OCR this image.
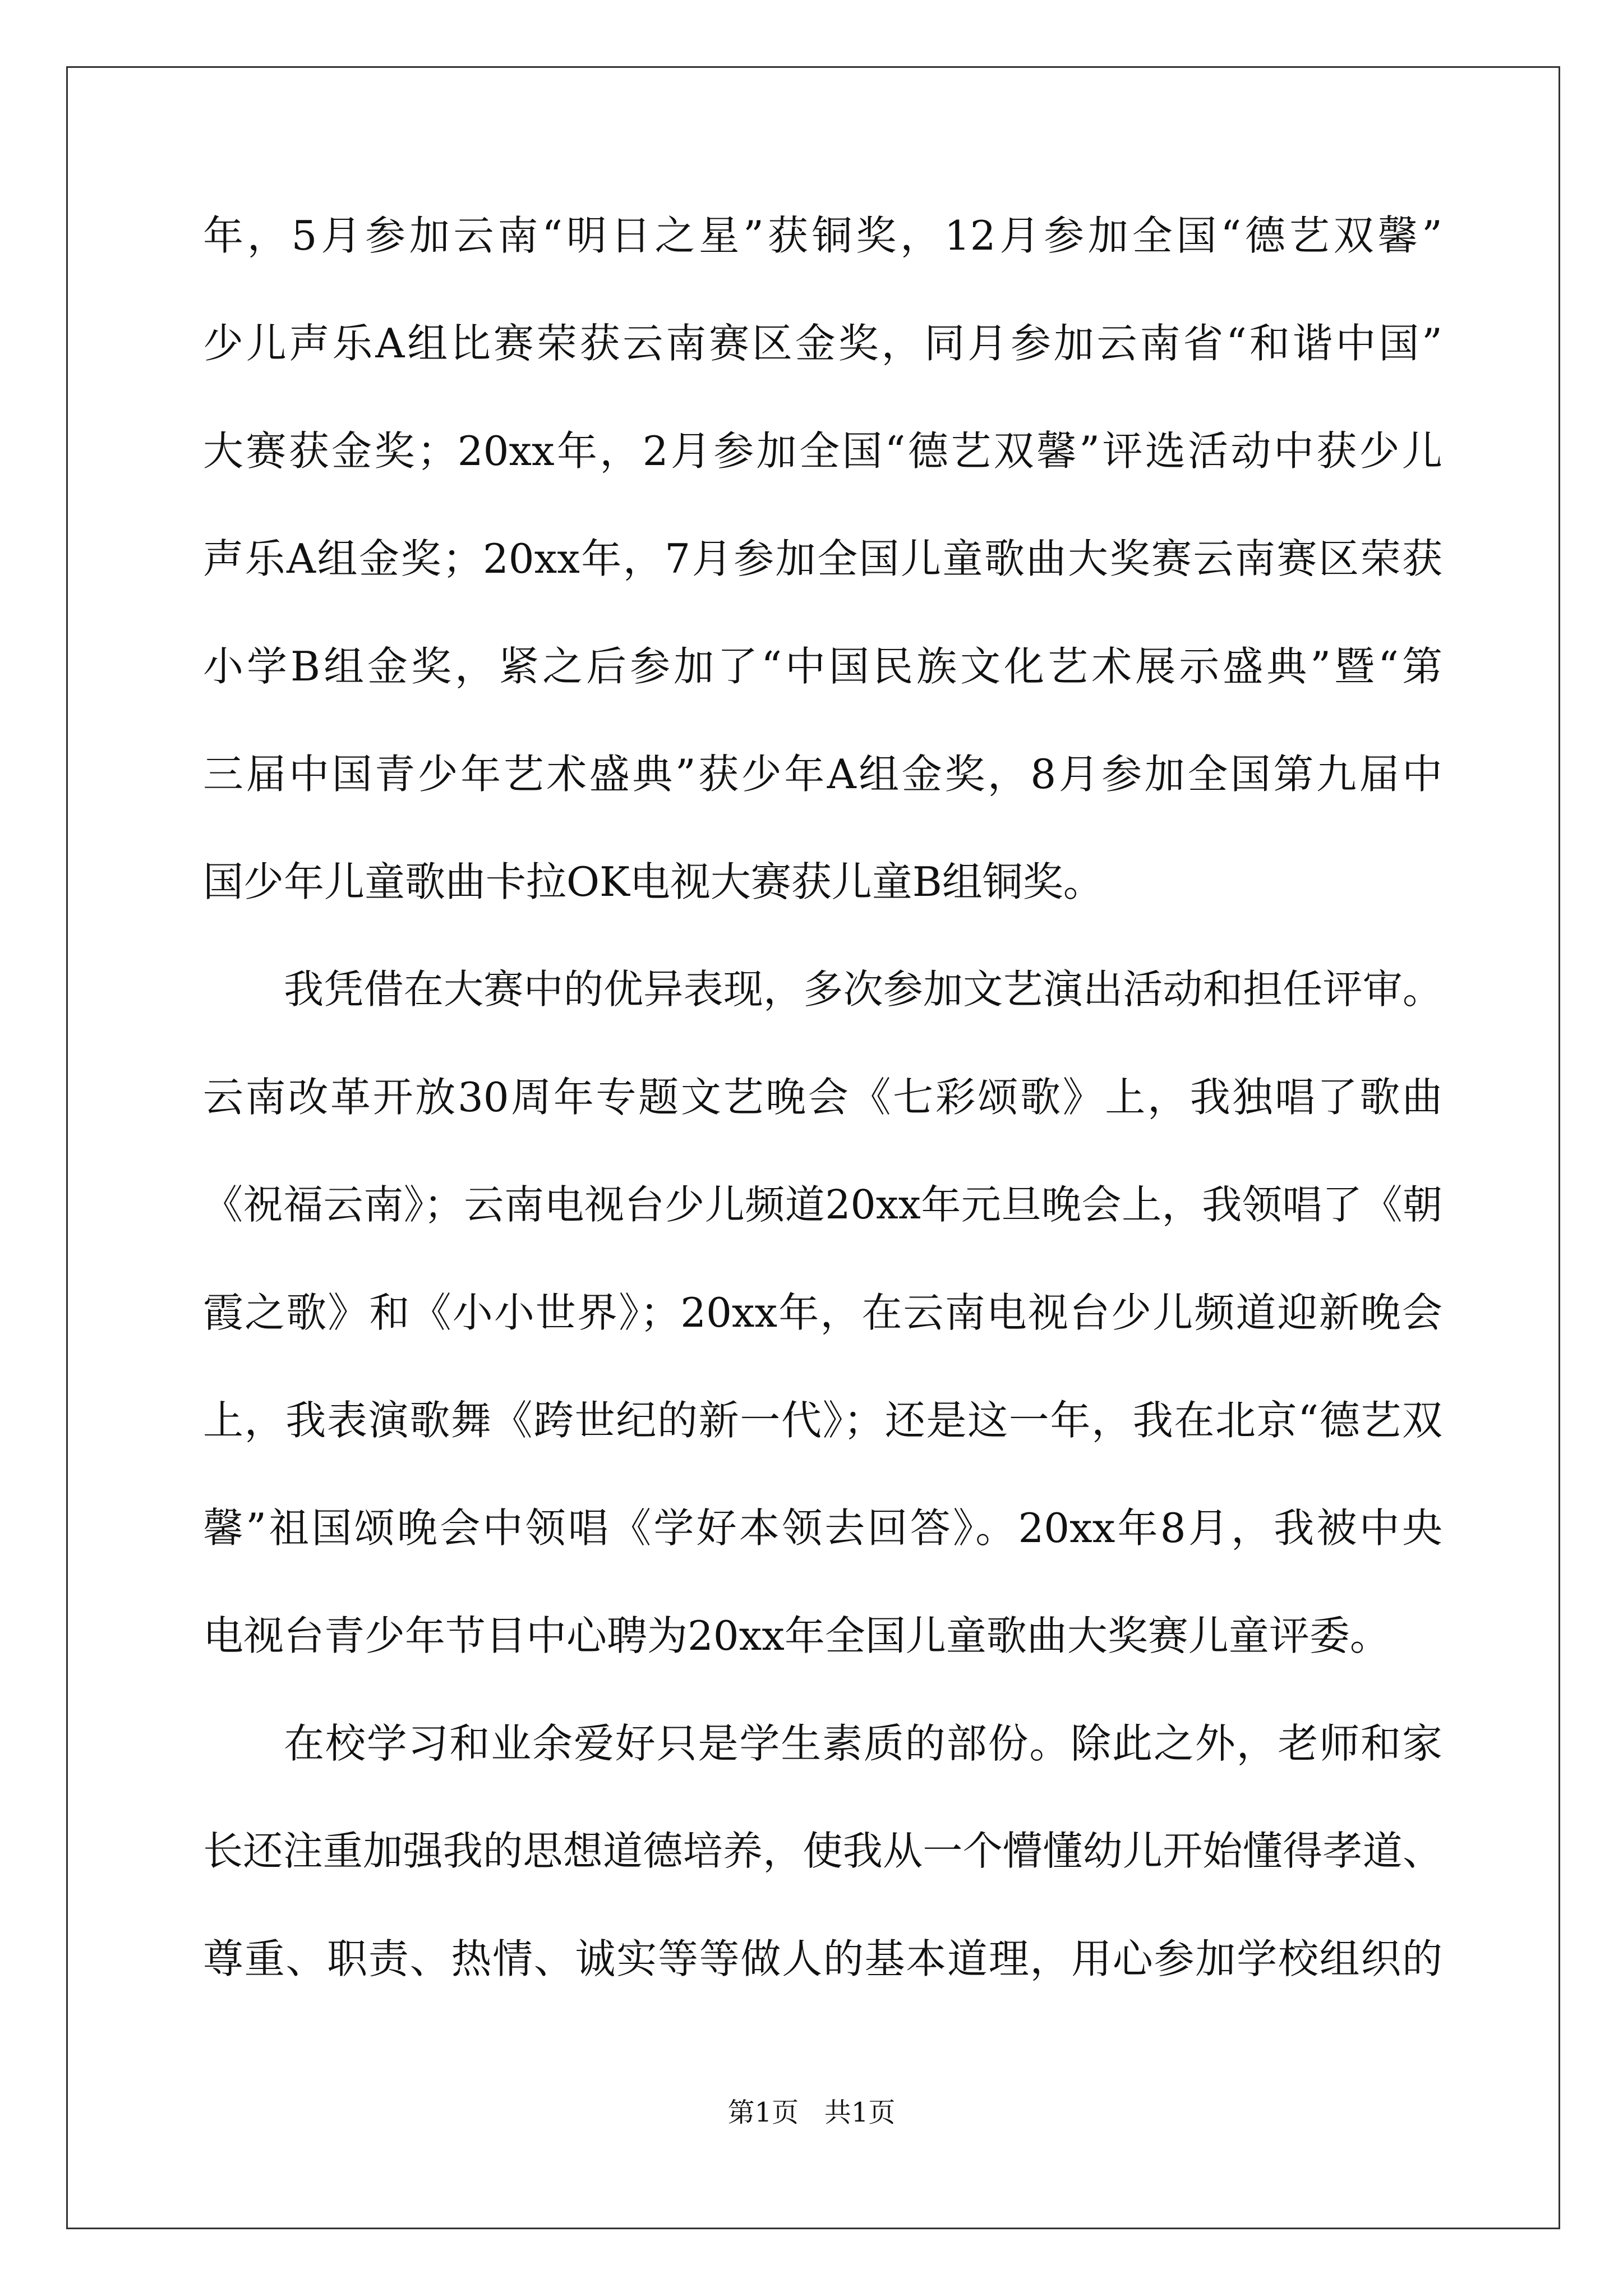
年，5月参加云南“明日之星”获铜奖，12月参加全国“德艺双馨”
少儿声乐A组比赛荣获云南赛区金奖，同月参加云南省“和谐中国”
大赛获金奖；20xx年，2月参加全国“德艺双馨”评选活动中获少儿
声乐A组金奖；20xx年，7月参加全国儿童歌曲大奖赛云南赛区荣获
小学B组金奖，紧之后参加了“中国民族文化艺术展示盛典”暨“第
三届中国青少年艺术盛典”获少年A组金奖，8月参加全国第九届中
国少年儿童歌曲卡拉OK电视大赛获儿童B组铜奖。
我凭借在大赛中的优异表现，多次参加文艺演出活动和担任评审。
云南改革开放30周年专题文艺晚会《七彩颂歌》上，我独唱了歌曲
《祝福云南》；云南电视台少儿频道20xx年元旦晚会上，我领唱了《朝
霞之歌》和《小小世界》；20xx年，在云南电视台少儿频道迎新晚会
上，我表演歌舞《跨世纪的新一代》；还是这一年，我在北京“德艺双
馨”祖国颂晚会中领唱《学好本领去回答》。20xx年8月，我被中央
电视台青少年节目中心聘为20xx年全国儿童歌曲大奖赛儿童评委。
在校学习和业余爱好只是学生素质的部份。除此之外，老师和家
长还注重加强我的思想道德培养，使我从一个懵懂幼儿开始懂得孝道、
尊重、职责、热情、诚实等等做人的基本道理，用心参加学校组织的
第1页 共1页
